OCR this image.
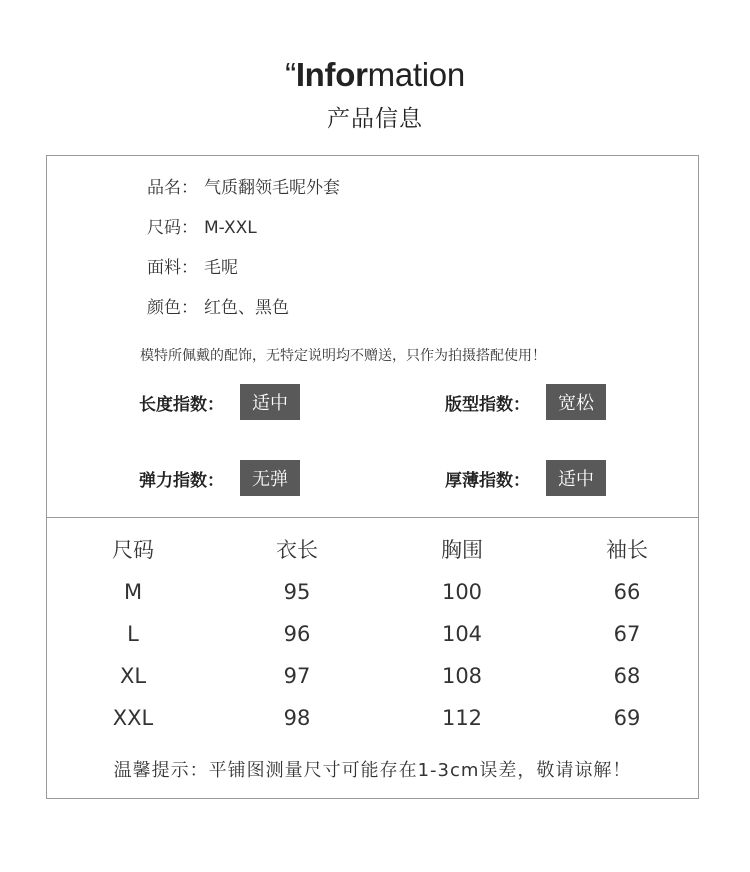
“Information
产品信息
品名： 气质翻领毛呢外套
尺码： M-XXL
面料： 毛呢
颜色： 红色、黑色
模特所佩戴的配饰，无特定说明均不赠送，只作为拍摄搭配使用！
长度指数：	适中	版型指数：	宽松
弹力指数：	无弹	厚薄指数：	适中
尺码	衣长	胸围	袖长
M	95	100	66
L	96	104	67
XL	97	108	68
XXL	98	112	69
温馨提示：平铺图测量尺寸可能存在1-3cm误差，敬请谅解！
